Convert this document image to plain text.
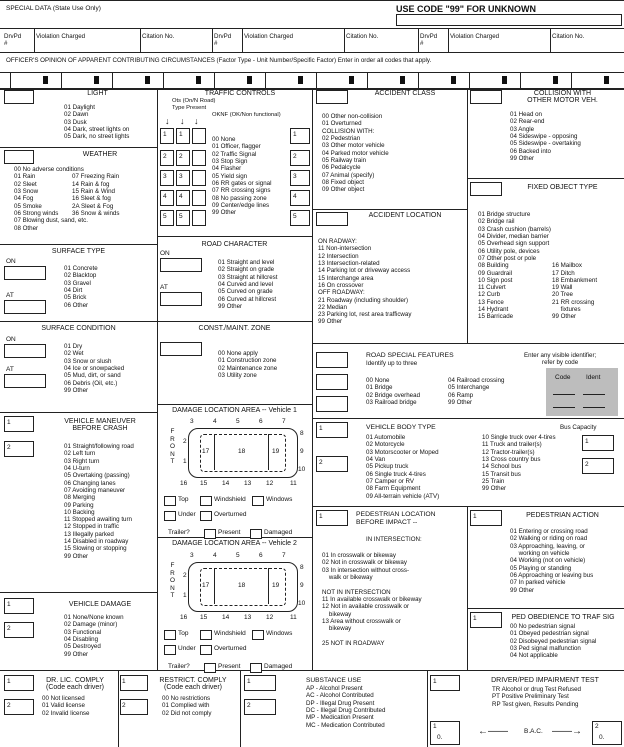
SPECIAL DATA (State Use Only)	USE CODE "99" FOR UNKNOWN
OFFICER'S OPINION OF APPARENT CONTRIBUTING CIRCUMSTANCES (Factor Type - Unit Number/Specific Factor) Enter in order all codes that apply.
LIGHT
01 Daylight
02 Dawn
03 Dusk
04 Dark, street lights on
05 Dark, no street lights
WEATHER
00 No adverse conditions
01 Rain
02 Sleet
03 Snow
04 Fog
05 Smoke
06 Strong winds
07 Blowing dust, sand, etc.
08 Other

07 Freezing Rain
14 Rain & fog
15 Rain & Wind
16 Sleet & fog
2A Sleet & Fog
36 Snow & winds
SURFACE TYPE
ON
AT
01 Concrete
02 Blacktop
03 Gravel
04 Dirt
05 Brick
06 Other
SURFACE CONDITION
ON
AT
01 Dry
02 Wet
03 Snow or slush
04 Ice or snowpacked
05 Mud, dirt, or sand
06 Debris (Oil, etc.)
99 Other
1
2
VEHICLE MANEUVER
BEFORE CRASH
01 Straight/following road
02 Left turn
03 Right turn
04 U-turn
05 Overtaking (passing)
06 Changing lanes
07 Avoiding maneuver
08 Merging
09 Parking
10 Backing
11 Stopped awaiting turn
12 Stopped in traffic
13 Illegally parked
14 Disabled in roadway
15 Slowing or stopping
99 Other
1
2
VEHICLE DAMAGE
01 None/None known
02 Damage (minor)
03 Functional
04 Disabling
05 Destroyed
99 Other
1
2
DR. LIC. COMPLY
(Code each driver)
00 Not licensed
01 Valid license
02 Invalid license
1
2
RESTRICT. COMPLY
(Code each driver)
00 No restrictions
01 Complied with
02 Did not comply
1
2
SUBSTANCE USE
AP - Alcohol Present
AC - Alcohol Contributed
DP - Illegal Drug Present
DC - Illegal Drug Contributed
MP - Medication Present
MC - Medication Contributed
1	DRIVER/PED IMPAIRMENT TEST
TR Alcohol or drug Test Refused
PT Positive Preliminary Test
RP Test given, Results Pending
1
0.
←—— B.A.C. ——→ 2
0.
TRAFFIC CONTROLS
Ots (On/N Road)
Type Present
OKNF (OK/Non functional)
↓ ↓ ↓
00 None
01 Officer, flagger
02 Traffic Signal
03 Stop Sign
04 Flasher
05 Yield sign
06 RR gates or signal
07 RR crossing signs
08 No passing zone
09 Center/edge lines
99 Other
ROAD CHARACTER
ON
AT
01 Straight and level
02 Straight on grade
03 Straight at hillcrest
04 Curved and level
05 Curved on grade
06 Curved at hillcrest
99 Other
CONST./MAINT. ZONE
00 None apply
01 Construction zone
02 Maintenance zone
03 Utility zone
DAMAGE LOCATION AREA -- Vehicle 1
DAMAGE LOCATION AREA -- Vehicle 2
ACCIDENT CLASS
00 Other non-collision
01 Overturned
COLLISION WITH:
02 Pedestrian
03 Other motor vehicle
04 Parked motor vehicle
05 Railway train
06 Pedalcycle
07 Animal (specify)
08 Fixed object
09 Other object
ACCIDENT LOCATION
ON RADWAY:
11 Non-intersection
12 Intersection
13 Intersection-related
14 Parking lot or driveway access
15 Interchange area
16 On crossover
OFF ROADWAY:
21 Roadway (including shoulder)
22 Median
23 Parking lot, rest area trafficway
99 Other
ROAD SPECIAL FEATURES
Identify up to three
00 None
01 Bridge
02 Bridge overhead
03 Railroad bridge
04 Railroad crossing
05 Interchange
06 Ramp
99 Other
Enter any visible identifier;
refer by code
Code Ident
1
2
VEHICLE BODY TYPE
01 Automobile
02 Motorcycle
03 Motorscooter or Moped
04 Van
05 Pickup truck
06 Single truck 4-tires
07 Camper or RV
08 Farm Equipment
09 All-terrain vehicle (ATV)
10 Single truck over 4-tires
11 Truck and trailer(s)
12 Tractor-trailer(s)
13 Cross country bus
14 School bus
15 Transit bus
25 Train
99 Other
Bus Capacity
1
2
1	PEDESTRIAN LOCATION
BEFORE IMPACT --
IN INTERSECTION:
01 In crosswalk or bikeway
02 Not in crosswalk or bikeway
03 In intersection without cross-
walk or bikeway

NOT IN INTERSECTION
11 In available crosswalk or bikeway
12 Not in available crosswalk or
bikeway
13 Area without crosswalk or
bikeway

25 NOT IN ROADWAY
1	PEDESTRIAN ACTION
01 Entering or crossing road
02 Walking or riding on road
03 Approaching, leaving, or
working on vehicle
04 Working (not on vehicle)
05 Playing or standing
06 Approaching or leaving bus
07 In parked vehicle
99 Other
1	PED OBEDIENCE TO TRAF SIG
00 No pedestrian signal
01 Obeyed pedestrian signal
02 Disobeyed pedestrian signal
03 Ped signal malfunction
04 Not applicable
COLLISION WITH
OTHER MOTOR VEH.
01 Head on
02 Rear-end
03 Angle
04 Sideswipe - opposing
05 Sideswipe - overtaking
06 Backed into
99 Other
FIXED OBJECT TYPE
01 Bridge structure
02 Bridge rail
03 Crash cushion (barrels)
04 Divider, median barrier
05 Overhead sign support
06 Utility pole, devices
07 Other post or pole
08 Building
09 Guardrail
10 Sign post
11 Culvert
12 Curb
13 Fence
14 Hydrant
15 Barricade

16 Mailbox
17 Ditch
18 Embankment
19 Wall
20 Tree
21 RR crossing
fixtures
99 Other
DrvPd
#
Violation Charged	Citation No.	DrvPd
#
Violation Charged	Citation No.	DrvPd
#
Violation Charged	Citation No.
1 1	1
2 2	2
3 3	3
4 4	4
5 5	5
3	4	5	6	7
16 15 14 13 12	11
F
R
O
N
T
2
1
8
9
10
17	18	19
Top	Windshield	Windows
Under	Overturned
Trailer?	Present	Damaged
3	4	5	6	7
16 15 14 13 12	11
F
R
O
N
T
2
1
8
9
10
17	18	19
Top	Windshield	Windows
Under	Overturned
Trailer?	Present	Damaged
